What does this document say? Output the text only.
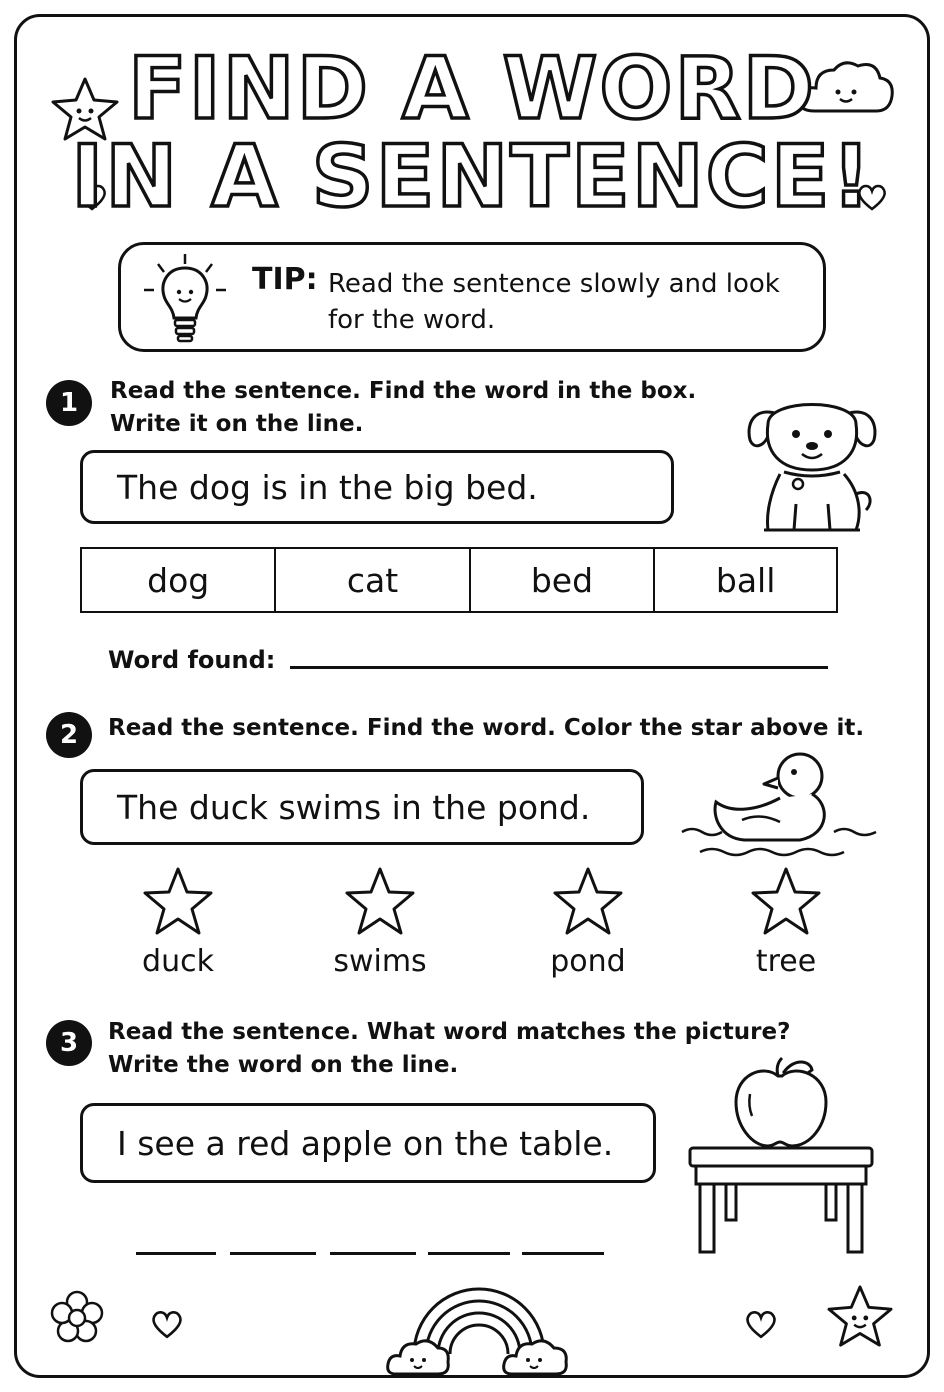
FIND A WORD
IN A SENTENCE!
TIP: Read the sentence slowly and look for the word.
1	Read the sentence. Find the word in the box.
Write it on the line.
The dog is in the big bed.
dog	cat	bed	ball
Word found:
2	Read the sentence. Find the word. Color the star above it.
The duck swims in the pond.
duck	swims	pond	tree
3	Read the sentence. What word matches the picture?
Write the word on the line.
I see a red apple on the table.
